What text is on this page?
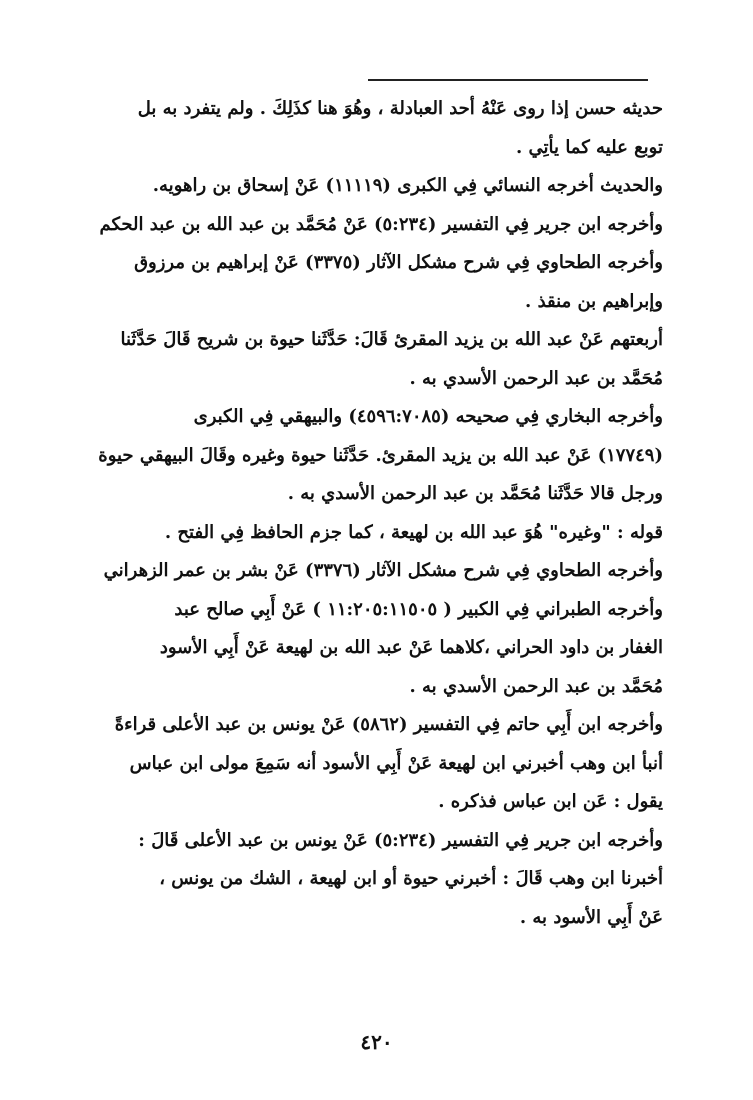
حديثه حسن إذا روى عَنْهُ أحد العبادلة ، وهُوَ هنا كذَلِكَ . ولم يتفرد به بل
توبع عليه كما يأتِي .
والحديث أخرجه النسائي فِي الكبرى (١١١١٩) عَنْ إسحاق بن راهويه.
وأخرجه ابن جرير فِي التفسير (٥:٢٣٤) عَنْ مُحَمَّد بن عبد الله بن عبد الحكم
وأخرجه الطحاوي فِي شرح مشكل الآثار (٣٣٧٥) عَنْ إبراهيم بن مرزوق
وإبراهيم بن منقذ .
أربعتهم عَنْ عبد الله بن يزيد المقرئ قَالَ: حَدَّثَنا حيوة بن شريح قَالَ حَدَّثَنا
مُحَمَّد بن عبد الرحمن الأسدي به .
وأخرجه البخاري فِي صحيحه (٤٥٩٦:٧٠٨٥) والبيهقي فِي الكبرى
(١٧٧٤٩) عَنْ عبد الله بن يزيد المقرئ. حَدَّثَنا حيوة وغيره وقَالَ البيهقي حيوة
ورجل قالا حَدَّثَنا مُحَمَّد بن عبد الرحمن الأسدي به .
قوله : "وغيره" هُوَ عبد الله بن لهيعة ، كما جزم الحافظ فِي الفتح .
وأخرجه الطحاوي فِي شرح مشكل الآثار (٣٣٧٦) عَنْ بشر بن عمر الزهراني
وأخرجه الطبراني فِي الكبير ( ١١:٢٠٥:١١٥٠٥ ) عَنْ أَبِي صالح عبد
الغفار بن داود الحراني ،كلاهما عَنْ عبد الله بن لهيعة عَنْ أَبِي الأسود
مُحَمَّد بن عبد الرحمن الأسدي به .
وأخرجه ابن أَبِي حاتم فِي التفسير (٥٨٦٢) عَنْ يونس بن عبد الأعلى قراءةً
أنبأ ابن وهب أخبرني ابن لهيعة عَنْ أَبِي الأسود أنه سَمِعَ مولى ابن عباس
يقول : عَن ابن عباس فذكره .
وأخرجه ابن جرير فِي التفسير (٥:٢٣٤) عَنْ يونس بن عبد الأعلى قَالَ :
أخبرنا ابن وهب قَالَ : أخبرني حيوة أو ابن لهيعة ، الشك من يونس ،
عَنْ أَبِي الأسود به .
٤٢٠
